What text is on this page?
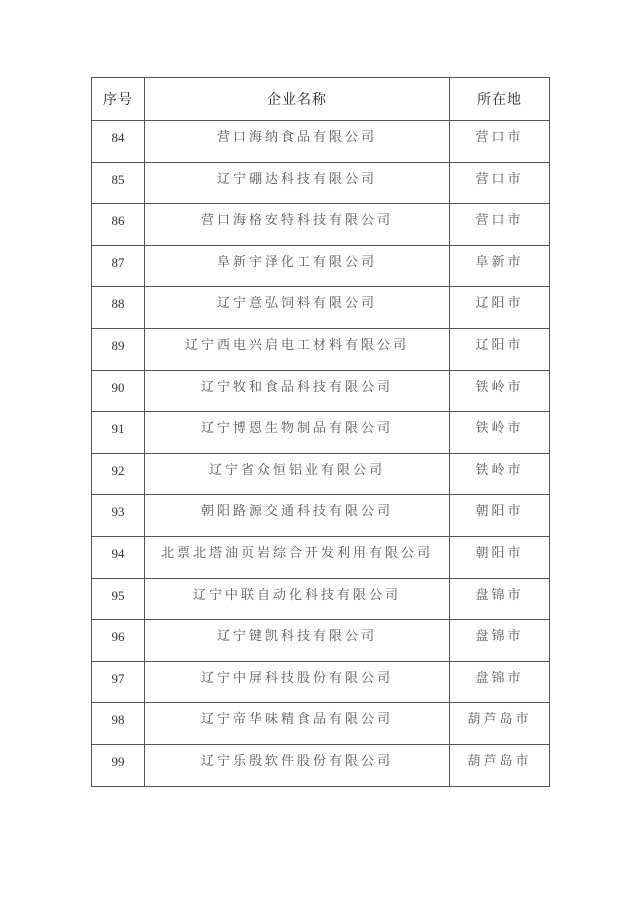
序号	企业名称	所在地
84	营口海纳食品有限公司	营口市
85	辽宁硼达科技有限公司	营口市
86	营口海格安特科技有限公司	营口市
87	阜新宇泽化工有限公司	阜新市
88	辽宁意弘饲料有限公司	辽阳市
89	辽宁西电兴启电工材料有限公司	辽阳市
90	辽宁牧和食品科技有限公司	铁岭市
91	辽宁博恩生物制品有限公司	铁岭市
92	辽宁省众恒铝业有限公司	铁岭市
93	朝阳路源交通科技有限公司	朝阳市
94	北票北塔油页岩综合开发利用有限公司	朝阳市
95	辽宁中联自动化科技有限公司	盘锦市
96	辽宁键凯科技有限公司	盘锦市
97	辽宁中屏科技股份有限公司	盘锦市
98	辽宁帝华味精食品有限公司	葫芦岛市
99	辽宁乐殷软件股份有限公司	葫芦岛市
